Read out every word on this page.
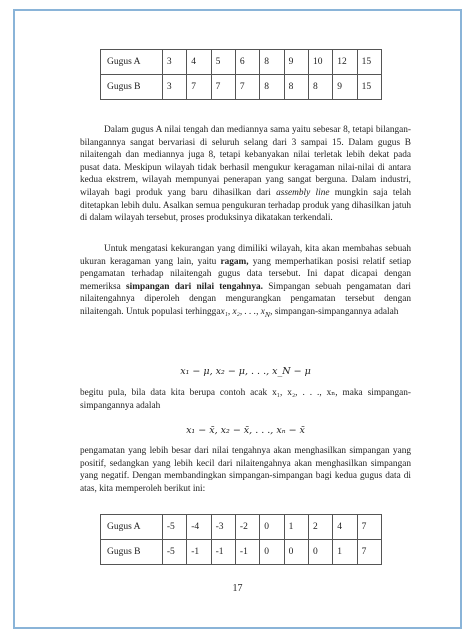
Gugus A	3	4	5	6	8	9	10	12	15
Gugus B	3	7	7	7	8	8	8	9	15

Dalam gugus A nilai tengah dan mediannya sama yaitu sebesar 8, tetapi bilangan-bilangannya sangat bervariasi di seluruh selang dari 3 sampai 15. Dalam gugus B nilaitengah dan mediannya juga 8, tetapi kebanyakan nilai terletak lebih dekat pada pusat data. Meskipun wilayah tidak berhasil mengukur keragaman nilai-nilai di antara kedua ekstrem, wilayah mempunyai penerapan yang sangat berguna. Dalam industri, wilayah bagi produk yang baru dihasilkan dari assembly line mungkin saja telah ditetapkan lebih dulu. Asalkan semua pengukuran terhadap produk yang dihasilkan jatuh di dalam wilayah tersebut, proses produksinya dikatakan terkendali.

Untuk mengatasi kekurangan yang dimiliki wilayah, kita akan membahas sebuah ukuran keragaman yang lain, yaitu ragam, yang memperhatikan posisi relatif setiap pengamatan terhadap nilaitengah gugus data tersebut. Ini dapat dicapai dengan memeriksa simpangan dari nilai tengahnya. Simpangan sebuah pengamatan dari nilaitengahnya diperoleh dengan mengurangkan pengamatan tersebut dengan nilaitengah. Untuk populasi terhinggax₁, x₂, . . ., $x_N$, simpangan-simpangannya adalah

x₁ − μ, x₂ − μ, . . ., x_N − μ

begitu pula, bila data kita berupa contoh acak x₁, x₂, . . ., xₙ, maka simpangan-simpangannya adalah

x₁ − x̄, x₂ − x̄, . . ., xₙ − x̄

pengamatan yang lebih besar dari nilai tengahnya akan menghasilkan simpangan yang positif, sedangkan yang lebih kecil dari nilaitengahnya akan menghasilkan simpangan yang negatif. Dengan membandingkan simpangan-simpangan bagi kedua gugus data di atas, kita memperoleh berikut ini:

Gugus A	-5	-4	-3	-2	0	1	2	4	7
Gugus B	-5	-1	-1	-1	0	0	0	1	7
17
